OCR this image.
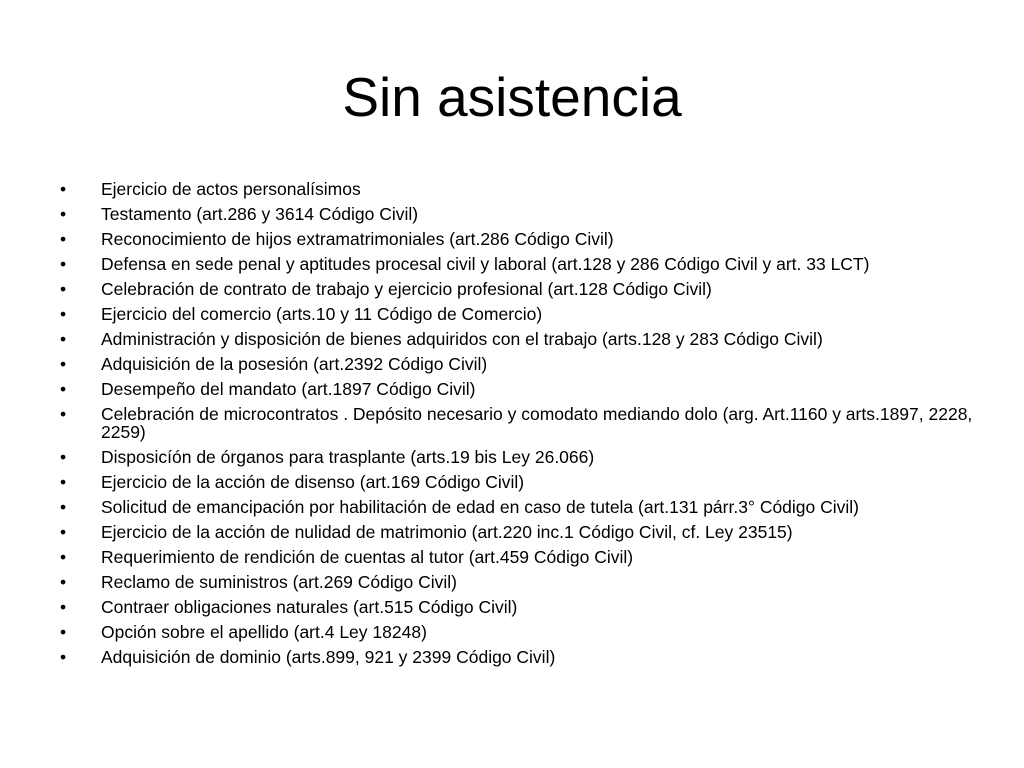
Sin asistencia
•	Ejercicio de actos personalísimos
•	Testamento (art.286 y 3614 Código Civil)
•	Reconocimiento de hijos extramatrimoniales (art.286 Código Civil)
•	Defensa en sede penal y aptitudes procesal civil y laboral (art.128 y 286 Código Civil y art. 33 LCT)
•	Celebración de contrato de trabajo y ejercicio profesional (art.128 Código Civil)
•	Ejercicio del comercio (arts.10 y 11 Código de Comercio)
•	Administración y disposición de bienes adquiridos con el trabajo (arts.128 y 283 Código Civil)
•	Adquisición de la posesión (art.2392 Código Civil)
•	Desempeño del mandato (art.1897 Código Civil)
•	Celebración de microcontratos . Depósito necesario y comodato mediando dolo (arg. Art.1160 y arts.1897, 2228, 2259)
•	Disposicíón de órganos para trasplante (arts.19 bis Ley 26.066)
•	Ejercicio de la acción de disenso (art.169 Código Civil)
•	Solicitud de emancipación por habilitación de edad en caso de tutela (art.131 párr.3° Código Civil)
•	Ejercicio de la acción de nulidad de matrimonio (art.220 inc.1 Código Civil, cf. Ley 23515)
•	Requerimiento de rendición de cuentas al tutor (art.459 Código Civil)
•	Reclamo de suministros (art.269 Código Civil)
•	Contraer obligaciones naturales (art.515 Código Civil)
•	Opción sobre el apellido (art.4 Ley 18248)
•	Adquisición de dominio (arts.899, 921 y 2399 Código Civil)
